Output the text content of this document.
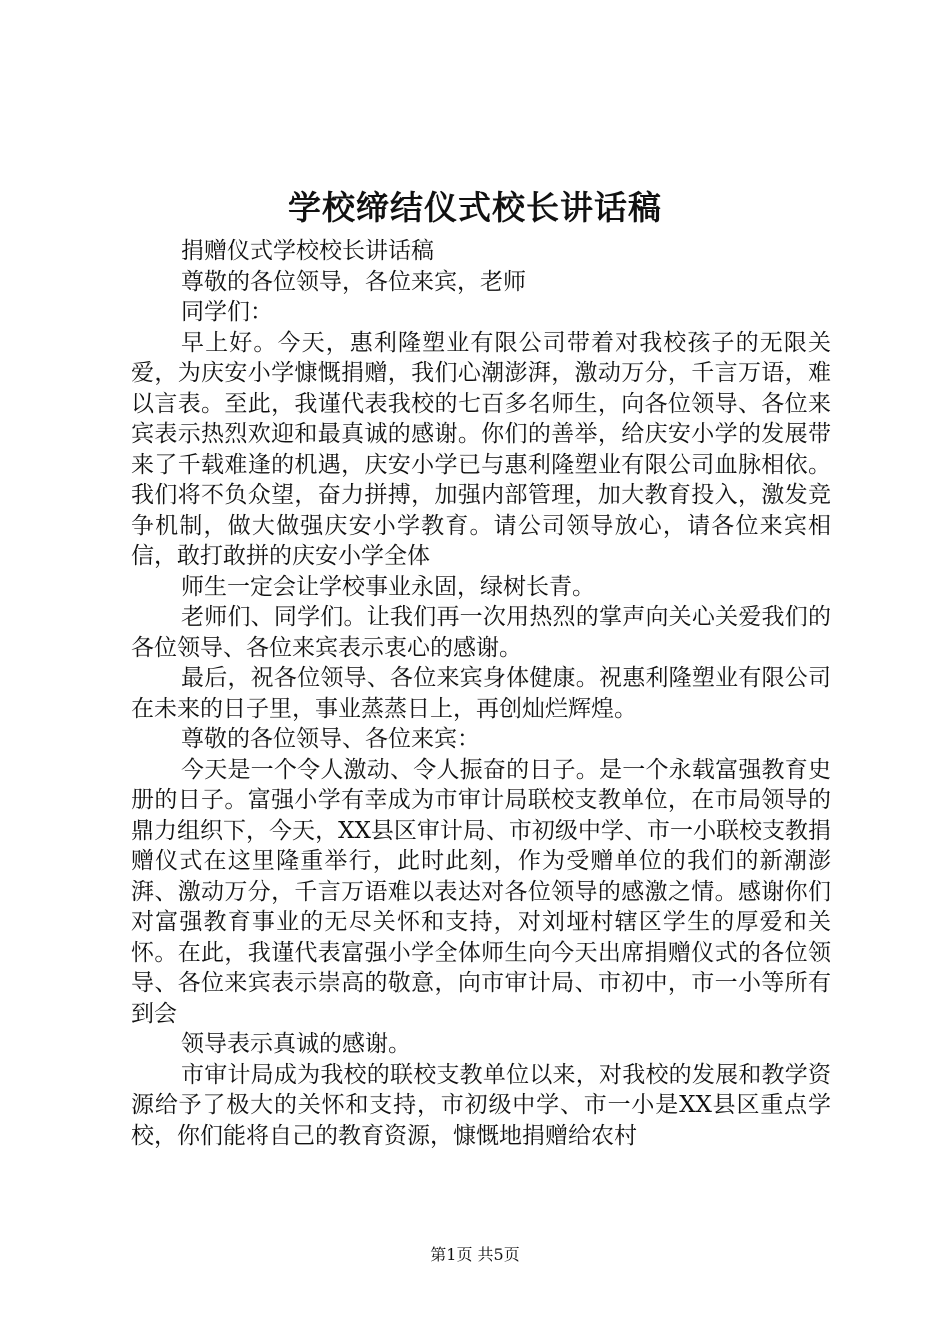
学校缔结仪式校长讲话稿

捐赠仪式学校校长讲话稿

尊敬的各位领导，各位来宾，老师

同学们：

早上好。今天，惠利隆塑业有限公司带着对我校孩子的无限关爱，为庆安小学慷慨捐赠，我们心潮澎湃，激动万分，千言万语，难以言表。至此，我谨代表我校的七百多名师生，向各位领导、各位来宾表示热烈欢迎和最真诚的感谢。你们的善举，给庆安小学的发展带来了千载难逢的机遇，庆安小学已与惠利隆塑业有限公司血脉相依。我们将不负众望，奋力拼搏，加强内部管理，加大教育投入，激发竞争机制，做大做强庆安小学教育。请公司领导放心，请各位来宾相信，敢打敢拼的庆安小学全体

师生一定会让学校事业永固，绿树长青。

老师们、同学们。让我们再一次用热烈的掌声向关心关爱我们的各位领导、各位来宾表示衷心的感谢。

最后，祝各位领导、各位来宾身体健康。祝惠利隆塑业有限公司在未来的日子里，事业蒸蒸日上，再创灿烂辉煌。

尊敬的各位领导、各位来宾：

今天是一个令人激动、令人振奋的日子。是一个永载富强教育史册的日子。富强小学有幸成为市审计局联校支教单位，在市局领导的鼎力组织下，今天，XX县区审计局、市初级中学、市一小联校支教捐赠仪式在这里隆重举行，此时此刻，作为受赠单位的我们的新潮澎湃、激动万分，千言万语难以表达对各位领导的感激之情。感谢你们对富强教育事业的无尽关怀和支持，对刘垭村辖区学生的厚爱和关怀。在此，我谨代表富强小学全体师生向今天出席捐赠仪式的各位领导、各位来宾表示崇高的敬意，向市审计局、市初中，市一小等所有到会

领导表示真诚的感谢。

市审计局成为我校的联校支教单位以来，对我校的发展和教学资源给予了极大的关怀和支持，市初级中学、市一小是XX县区重点学校，你们能将自己的教育资源，慷慨地捐赠给农村

第1页 共5页
